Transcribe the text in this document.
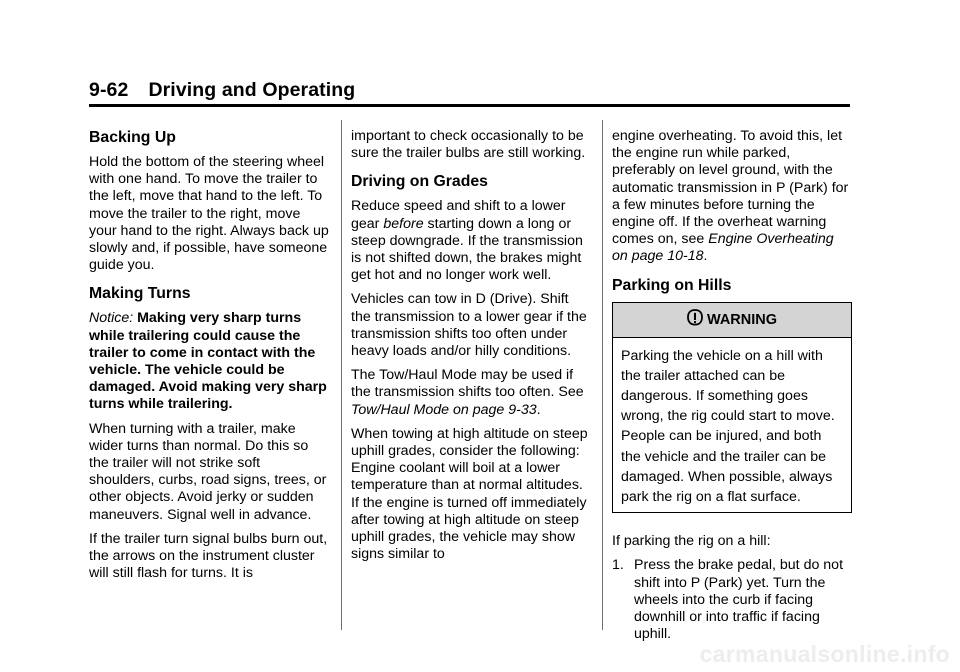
9-62 Driving and Operating
Backing Up

Hold the bottom of the steering wheel with one hand. To move the trailer to the left, move that hand to the left. To move the trailer to the right, move your hand to the right. Always back up slowly and, if possible, have someone guide you.

Making Turns

Notice: Making very sharp turns while trailering could cause the trailer to come in contact with the vehicle. The vehicle could be damaged. Avoid making very sharp turns while trailering.

When turning with a trailer, make wider turns than normal. Do this so the trailer will not strike soft shoulders, curbs, road signs, trees, or other objects. Avoid jerky or sudden maneuvers. Signal well in advance.

If the trailer turn signal bulbs burn out, the arrows on the instrument cluster will still flash for turns. It is

important to check occasionally to be sure the trailer bulbs are still working.

Driving on Grades

Reduce speed and shift to a lower gear before starting down a long or steep downgrade. If the transmission is not shifted down, the brakes might get hot and no longer work well.

Vehicles can tow in D (Drive). Shift the transmission to a lower gear if the transmission shifts too often under heavy loads and/or hilly conditions.

The Tow/Haul Mode may be used if the transmission shifts too often. See Tow/Haul Mode on page 9-33.

When towing at high altitude on steep uphill grades, consider the following: Engine coolant will boil at a lower temperature than at normal altitudes. If the engine is turned off immediately after towing at high altitude on steep uphill grades, the vehicle may show signs similar to

engine overheating. To avoid this, let the engine run while parked, preferably on level ground, with the automatic transmission in P (Park) for a few minutes before turning the engine off. If the overheat warning comes on, see Engine Overheating on page 10-18.

Parking on Hills
WARNING
Parking the vehicle on a hill with the trailer attached can be dangerous. If something goes wrong, the rig could start to move. People can be injured, and both the vehicle and the trailer can be damaged. When possible, always park the rig on a flat surface.

If parking the rig on a hill:

1. Press the brake pedal, but do not shift into P (Park) yet. Turn the wheels into the curb if facing downhill or into traffic if facing uphill.
carmanualsonline.info
